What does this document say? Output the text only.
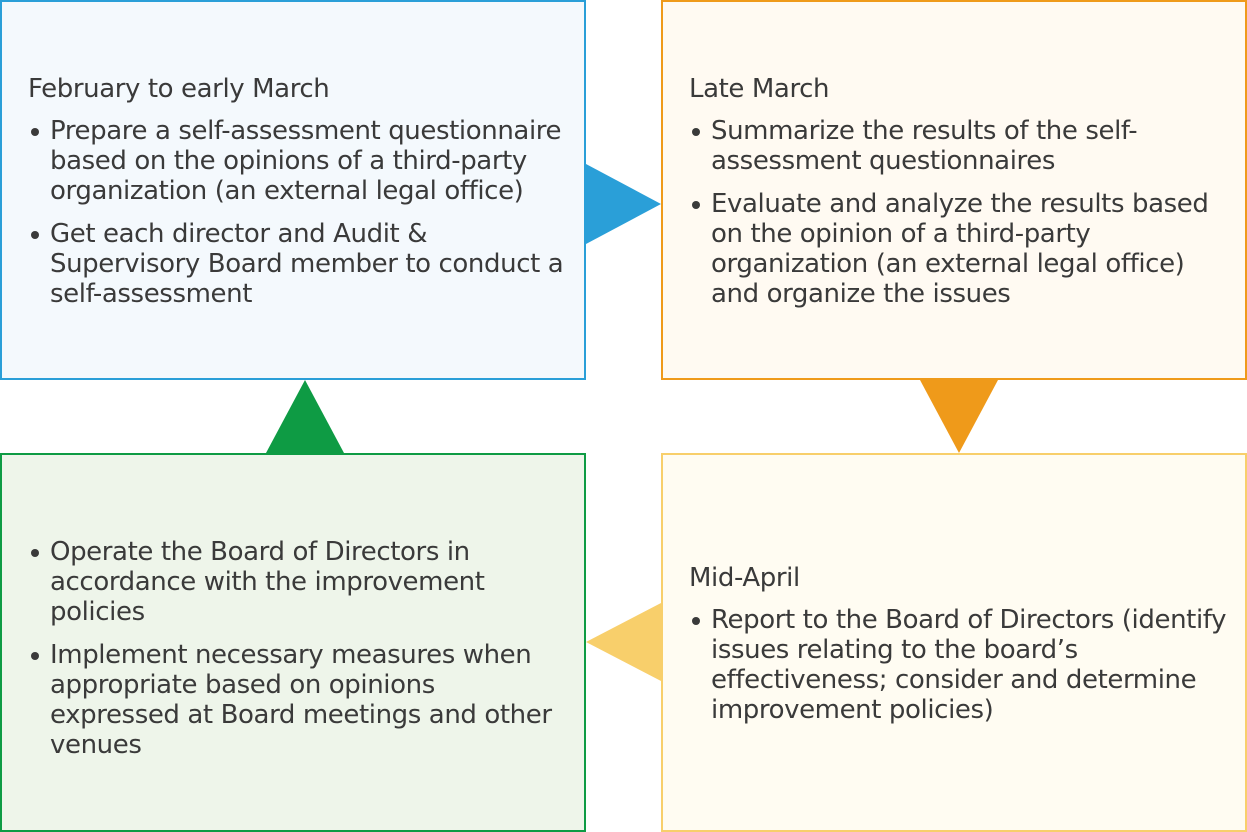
February to early March
Prepare a self-assessment questionnaire based on the opinions of a third-party organization (an external legal office)
Get each director and Audit & Supervisory Board member to conduct a self-assessment
Late March
Summarize the results of the self-assessment questionnaires
Evaluate and analyze the results based on the opinion of a third-party organization (an external legal office) and organize the issues
Operate the Board of Directors in accordance with the improvement policies
Implement necessary measures when appropriate based on opinions expressed at Board meetings and other venues
Mid-April
Report to the Board of Directors (identify issues relating to the board’s effectiveness; consider and determine improvement policies)
